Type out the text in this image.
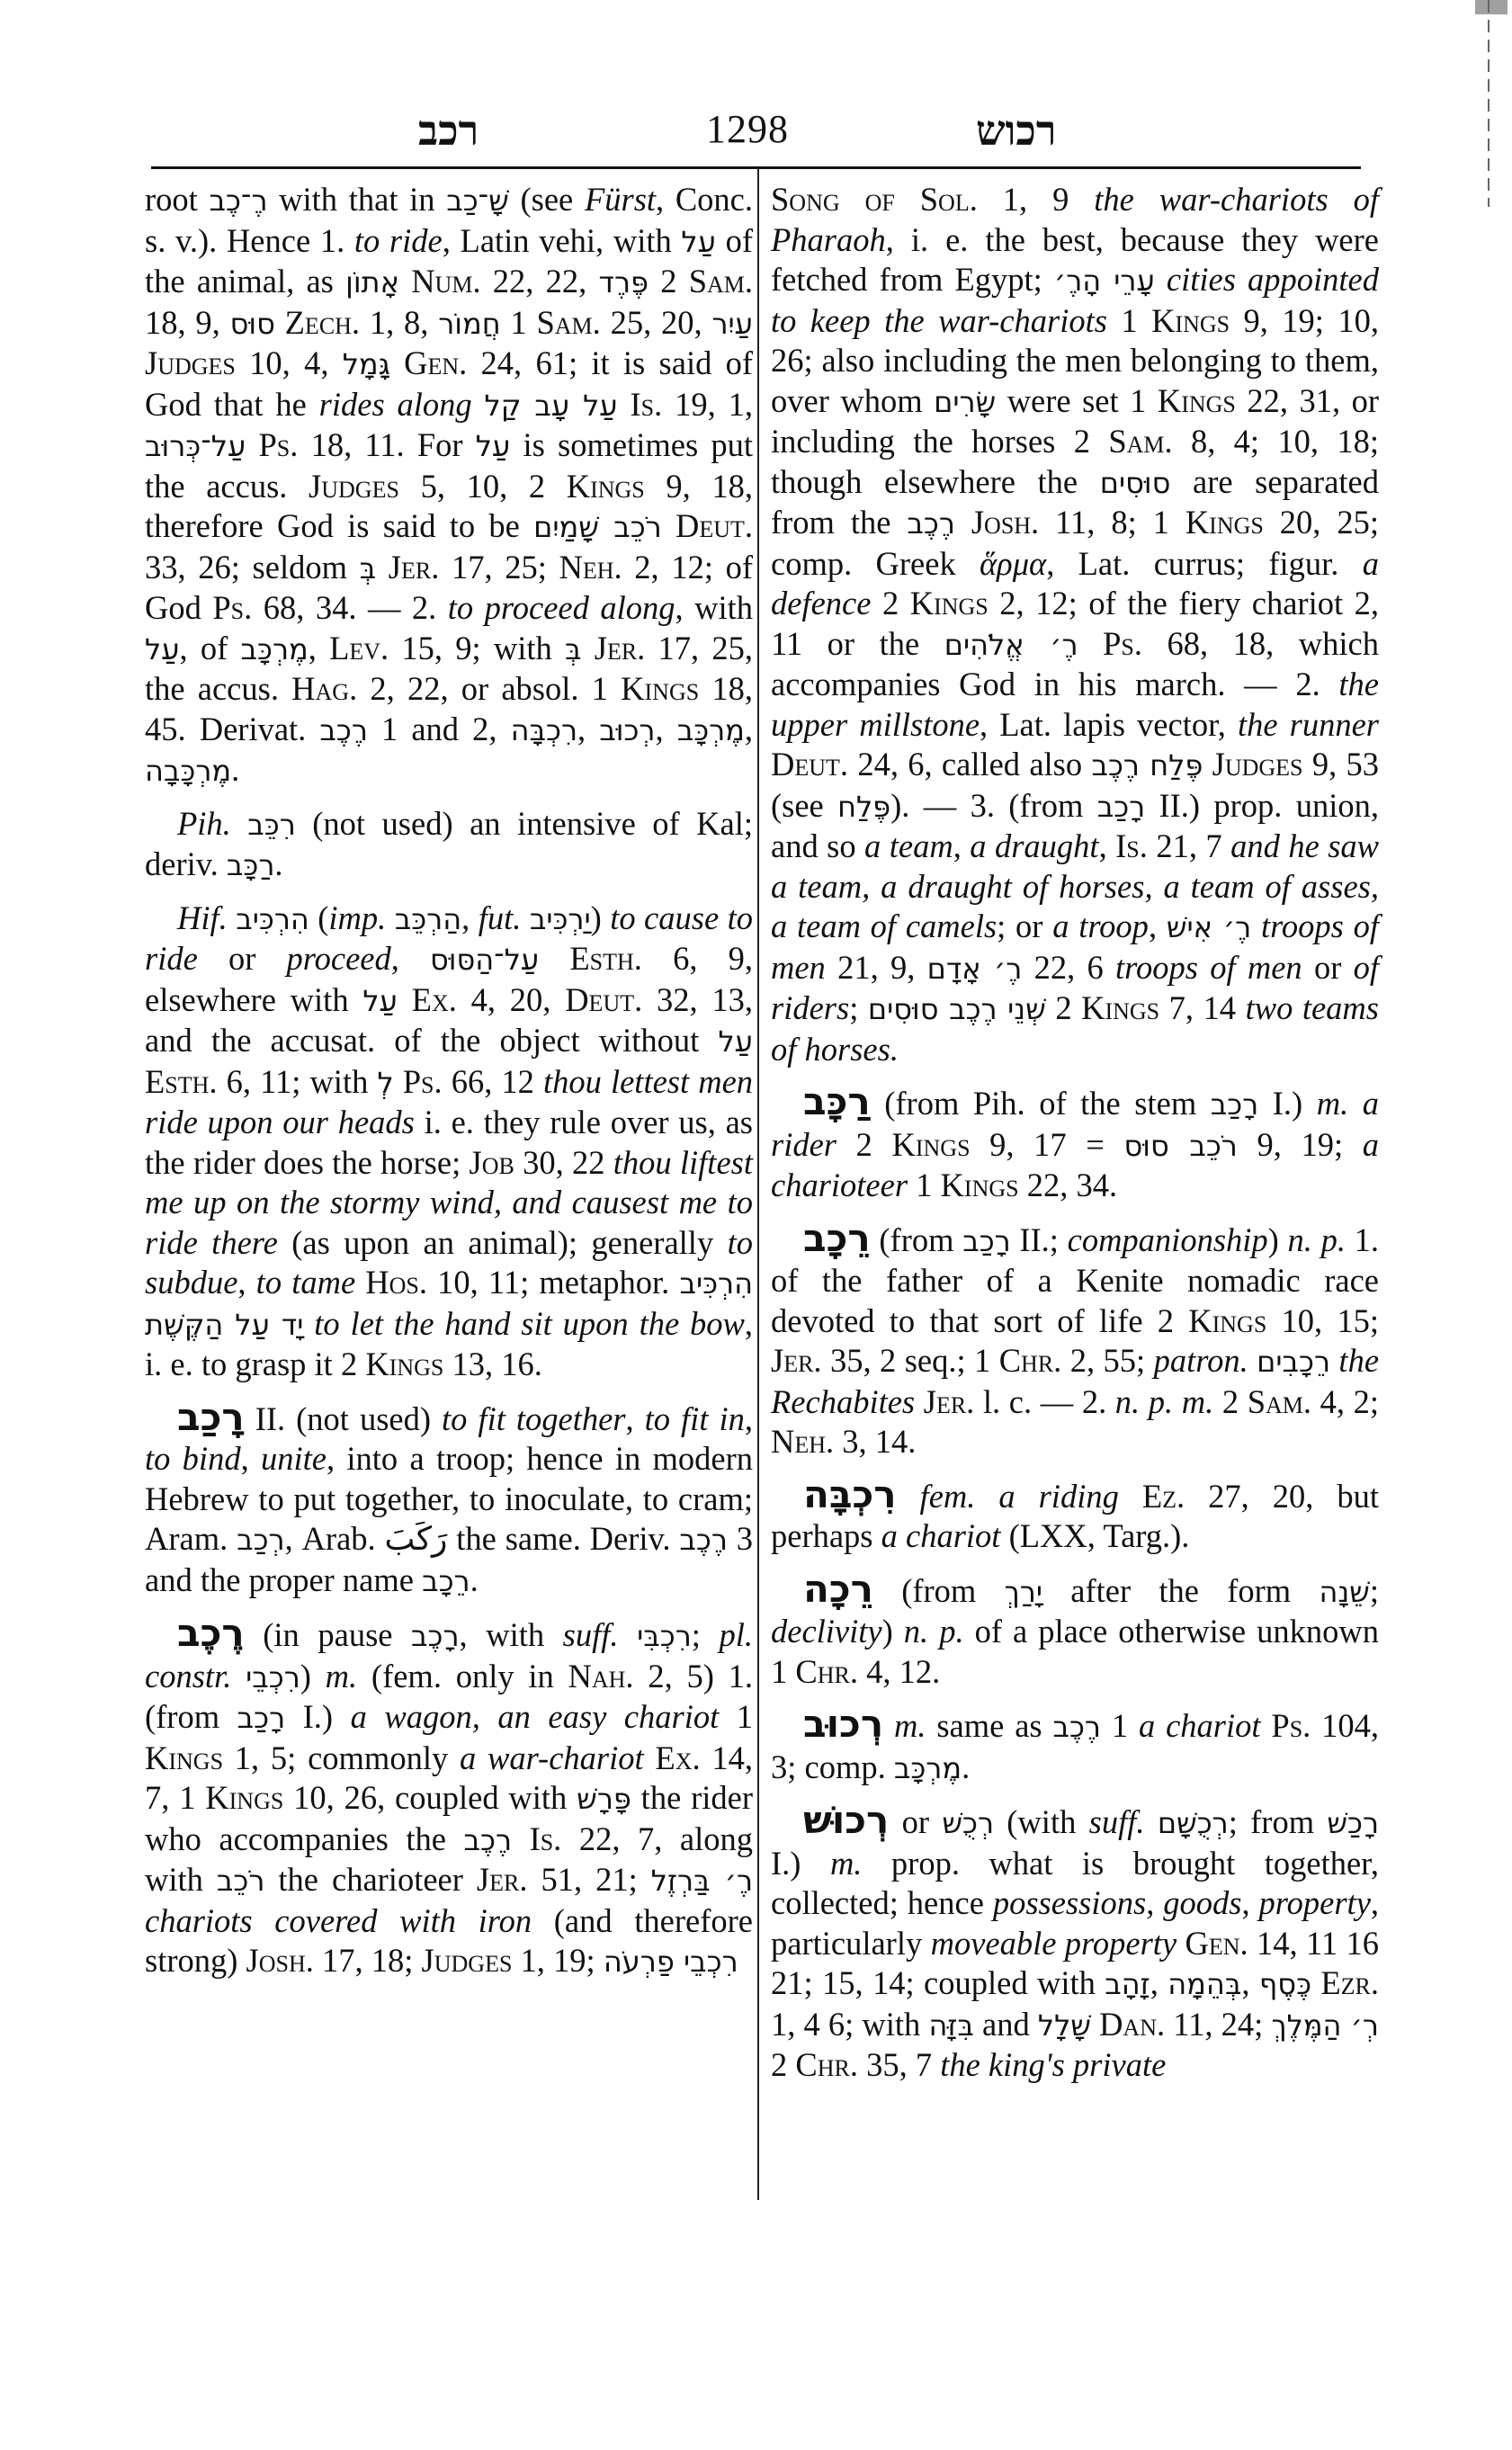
רכב	1298	רכוש

root רֶ־כֶב with that in שָׁ־כַב (see Fürst, Conc. s. v.). Hence 1. to ride, Latin vehi, with עַל of the animal, as אָתוֹן Num. 22, 22, פֶּרֶד 2 Sam. 18, 9, סוּס Zech. 1, 8, חֲמוֹר 1 Sam. 25, 20, עַיִר Judges 10, 4, גָּמָל Gen. 24, 61; it is said of God that he rides along עַל עָב קַל Is. 19, 1, עַל־כְּרוּב Ps. 18, 11. For עַל is sometimes put the accus. Judges 5, 10, 2 Kings 9, 18, therefore God is said to be רֹכֵב שָׁמַיִם Deut. 33, 26; seldom בְּ Jer. 17, 25; Neh. 2, 12; of God Ps. 68, 34. — 2. to proceed along, with עַל, of מֶרְכָּב, Lev. 15, 9; with בְּ Jer. 17, 25, the accus. Hag. 2, 22, or absol. 1 Kings 18, 45. Derivat. רֶכֶב 1 and 2, רִכְבָּה, רְכוּב, מֶרְכָּב, מֶרְכָּבָה.

Pih. רִכֵּב (not used) an intensive of Kal; deriv. רַכָּב.

Hif. הִרְכִּיב (imp. הַרְכֵּב, fut. יַרְכִּיב) to cause to ride or proceed, עַל־הַסּוּס Esth. 6, 9, elsewhere with עַל Ex. 4, 20, Deut. 32, 13, and the accusat. of the object without עַל Esth. 6, 11; with לְ Ps. 66, 12 thou lettest men ride upon our heads i. e. they rule over us, as the rider does the horse; Job 30, 22 thou liftest me up on the stormy wind, and causest me to ride there (as upon an animal); generally to subdue, to tame Hos. 10, 11; metaphor. הִרְכִּיב יָד עַל הַקֶּשֶׁת to let the hand sit upon the bow, i. e. to grasp it 2 Kings 13, 16.

רָכַב II. (not used) to fit together, to fit in, to bind, unite, into a troop; hence in modern Hebrew to put together, to inoculate, to cram; Aram. רְכַב, Arab. رَكَبَ the same. Deriv. רֶכֶב 3 and the proper name רֵכָב.

רֶכֶב (in pause רָכֶב, with suff. רִכְבִּי; pl. constr. רִכְבֵי) m. (fem. only in Nah. 2, 5) 1. (from רָכַב I.) a wagon, an easy chariot 1 Kings 1, 5; commonly a war-chariot Ex. 14, 7, 1 Kings 10, 26, coupled with פָּרָשׁ the rider who accompanies the רֶכֶב Is. 22, 7, along with רֹכֵב the charioteer Jer. 51, 21; רֶ׳ בַּרְזֶל chariots covered with iron (and therefore strong) Josh. 17, 18; Judges 1, 19; רִכְבֵי פַרְעֹה

Song of Sol. 1, 9 the war-chariots of Pharaoh, i. e. the best, because they were fetched from Egypt; עָרֵי הָרֶ׳ cities appointed to keep the war-chariots 1 Kings 9, 19; 10, 26; also including the men belonging to them, over whom שָׂרִים were set 1 Kings 22, 31, or including the horses 2 Sam. 8, 4; 10, 18; though elsewhere the סוּסִים are separated from the רֶכֶב Josh. 11, 8; 1 Kings 20, 25; comp. Greek ἅρμα, Lat. currus; figur. a defence 2 Kings 2, 12; of the fiery chariot 2, 11 or the רֶ׳ אֱלֹהִים Ps. 68, 18, which accompanies God in his march. — 2. the upper millstone, Lat. lapis vector, the runner Deut. 24, 6, called also פֶּלַח רֶכֶב Judges 9, 53 (see פֶּלַח). — 3. (from רָכַב II.) prop. union, and so a team, a draught, Is. 21, 7 and he saw a team, a draught of horses, a team of asses, a team of camels; or a troop, רֶ׳ אִישׁ troops of men 21, 9, רֶ׳ אָדָם 22, 6 troops of men or of riders; שְׁנֵי רֶכֶב סוּסִים 2 Kings 7, 14 two teams of horses.

רַכָּב (from Pih. of the stem רָכַב I.) m. a rider 2 Kings 9, 17 = רֹכֵב סוּס 9, 19; a charioteer 1 Kings 22, 34.

רֵכָב (from רָכַב II.; companionship) n. p. 1. of the father of a Kenite nomadic race devoted to that sort of life 2 Kings 10, 15; Jer. 35, 2 seq.; 1 Chr. 2, 55; patron. רֵכָבִים the Rechabites Jer. l. c. — 2. n. p. m. 2 Sam. 4, 2; Neh. 3, 14.

רִכְבָּה fem. a riding Ez. 27, 20, but perhaps a chariot (LXX, Targ.).

רֵכָה (from יָרַךְ after the form שֵׁנָה; declivity) n. p. of a place otherwise unknown 1 Chr. 4, 12.

רְכוּב m. same as רֶכֶב 1 a chariot Ps. 104, 3; comp. מֶרְכָּב.

רְכוּשׁ or רְכֻשׁ (with suff. רְכֻשָׁם; from רָכַשׁ I.) m. prop. what is brought together, collected; hence possessions, goods, property, particularly moveable property Gen. 14, 11 16 21; 15, 14; coupled with זָהָב, בְּהֵמָה, כֶּסֶף Ezr. 1, 4 6; with בִּזָּה and שָׁלָל Dan. 11, 24; רְ׳ הַמֶּלֶךְ 2 Chr. 35, 7 the king's private
